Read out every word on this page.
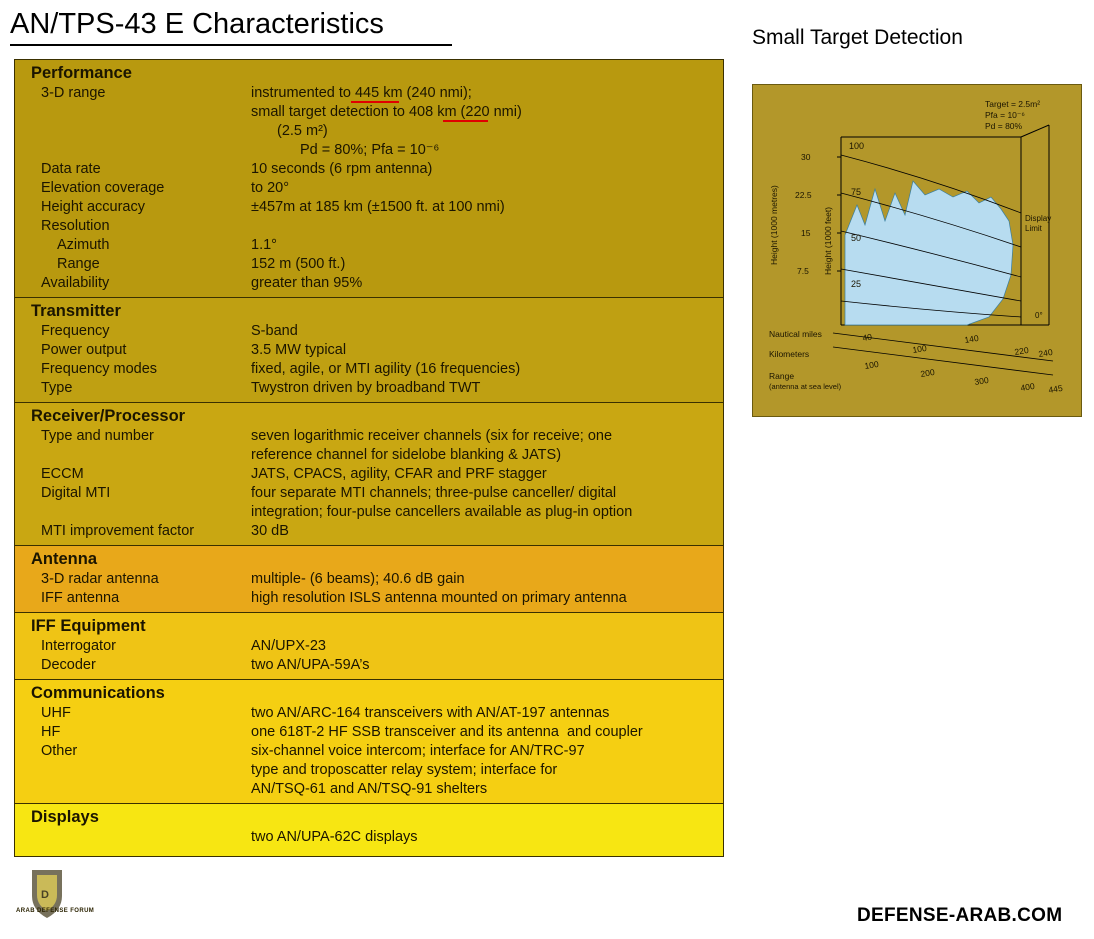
AN/TPS-43 E Characteristics
Performance
3-D range	instrumented to 445 km (240 nmi);
small target detection to 408 km (220 nmi)
(2.5 m²)
Pd = 80%; Pfa = 10⁻⁶
Data rate	10 seconds (6 rpm antenna)
Elevation coverage	to 20°
Height accuracy	±457m at 185 km (±1500 ft. at 100 nmi)
Resolution

Azimuth	1.1°
Range	152 m (500 ft.)
Availability	greater than 95%
Transmitter
Frequency	S-band
Power output	3.5 MW typical
Frequency modes	fixed, agile, or MTI agility (16 frequencies)
Type	Twystron driven by broadband TWT
Receiver/Processor
Type and number	seven logarithmic receiver channels (six for receive; one
reference channel for sidelobe blanking & JATS)
ECCM	JATS, CPACS, agility, CFAR and PRF stagger
Digital MTI	four separate MTI channels; three-pulse canceller/ digital
integration; four-pulse cancellers available as plug-in option
MTI improvement factor	30 dB
Antenna
3-D radar antenna	multiple- (6 beams); 40.6 dB gain
IFF antenna	high resolution ISLS antenna mounted on primary antenna
IFF Equipment
Interrogator	AN/UPX-23
Decoder	two AN/UPA-59A’s
Communications
UHF	two AN/ARC-164 transceivers with AN/AT-197 antennas
HF	one 618T-2 HF SSB transceiver and its antenna  and coupler
Other	six-channel voice intercom; interface for AN/TRC-97
type and troposcatter relay system; interface for
AN/TSQ-61 and AN/TSQ-91 shelters
Displays
two AN/UPA-62C displays
Small Target Detection
Target = 2.5m²
Pfa = 10⁻⁶
Pd = 80%
30
22.5
15
7.5
100
75
50
25
Height (1000 metres)	Height (1000 feet)	Display
Limit
0°
Nautical miles	40
100
140
220 240
Kilometers
100
200
300	400 445
Range
(antenna at sea level)
D
ARAB DEFENSE FORUM	DEFENSE-ARAB.COM
